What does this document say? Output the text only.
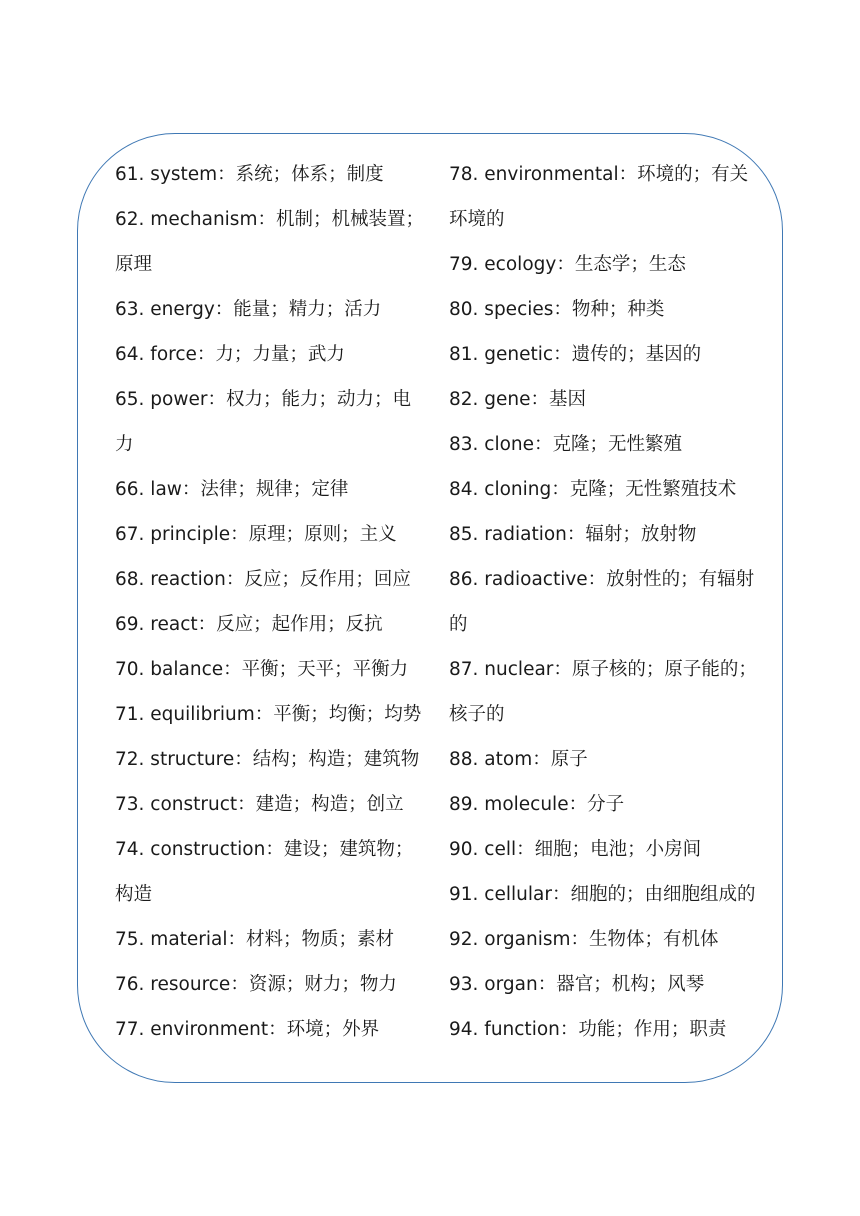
61. system：系统；体系；制度
62. mechanism：机制；机械装置；原理
63. energy：能量；精力；活力
64. force：力；力量；武力
65. power：权力；能力；动力；电力
66. law：法律；规律；定律
67. principle：原理；原则；主义
68. reaction：反应；反作用；回应
69. react：反应；起作用；反抗
70. balance：平衡；天平；平衡力
71. equilibrium：平衡；均衡；均势
72. structure：结构；构造；建筑物
73. construct：建造；构造；创立
74. construction：建设；建筑物；构造
75. material：材料；物质；素材
76. resource：资源；财力；物力
77. environment：环境；外界
78. environmental：环境的；有关环境的
79. ecology：生态学；生态
80. species：物种；种类
81. genetic：遗传的；基因的
82. gene：基因
83. clone：克隆；无性繁殖
84. cloning：克隆；无性繁殖技术
85. radiation：辐射；放射物
86. radioactive：放射性的；有辐射的
87. nuclear：原子核的；原子能的；核子的
88. atom：原子
89. molecule：分子
90. cell：细胞；电池；小房间
91. cellular：细胞的；由细胞组成的
92. organism：生物体；有机体
93. organ：器官；机构；风琴
94. function：功能；作用；职责
